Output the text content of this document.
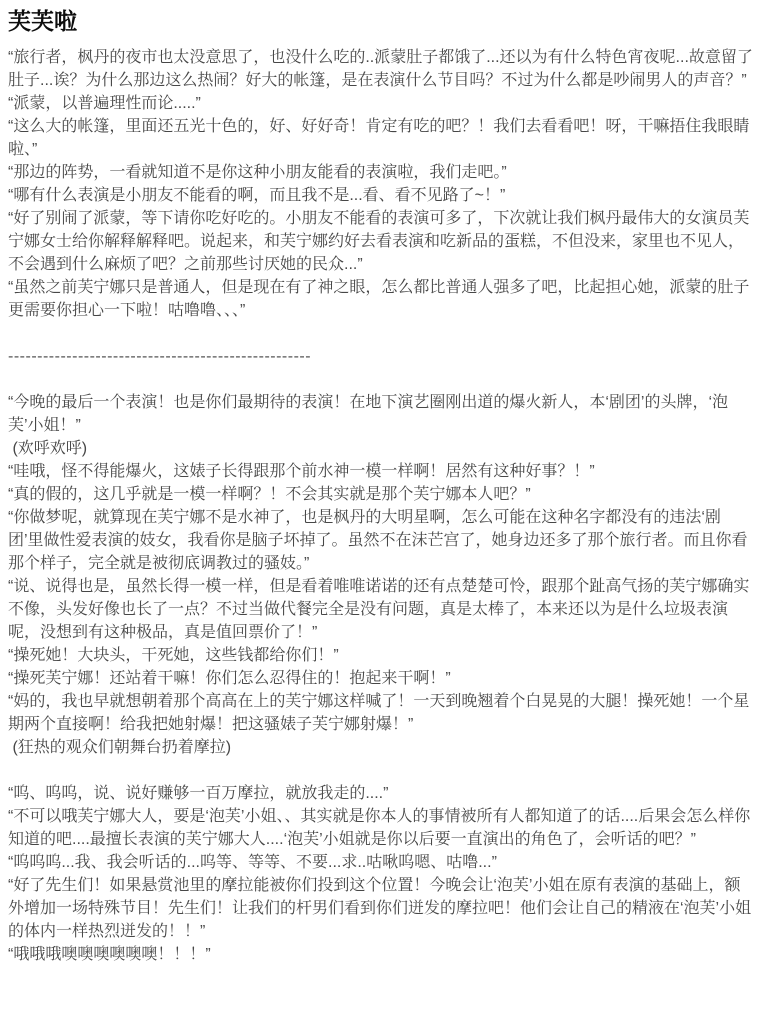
芙芙啦
“旅行者，枫丹的夜市也太没意思了，也没什么吃的..派蒙肚子都饿了...还以为有什么特色宵夜呢...故意留了肚子...诶？为什么那边这么热闹？好大的帐篷，是在表演什么节目吗？不过为什么都是吵闹男人的声音？”
“派蒙，以普遍理性而论.....”
“这么大的帐篷，里面还五光十色的，好、好好奇！肯定有吃的吧？！我们去看看吧！呀，干嘛捂住我眼睛啦、”
“那边的阵势，一看就知道不是你这种小朋友能看的表演啦，我们走吧。”
“哪有什么表演是小朋友不能看的啊，而且我不是...看、看不见路了~！”
“好了别闹了派蒙，等下请你吃好吃的。小朋友不能看的表演可多了，下次就让我们枫丹最伟大的女演员芙宁娜女士给你解释解释吧。说起来，和芙宁娜约好去看表演和吃新品的蛋糕，不但没来，家里也不见人，不会遇到什么麻烦了吧？之前那些讨厌她的民众...”
“虽然之前芙宁娜只是普通人，但是现在有了神之眼，怎么都比普通人强多了吧，比起担心她，派蒙的肚子更需要你担心一下啦！咕噜噜、、、”
----------------------------------------------------
“今晚的最后一个表演！也是你们最期待的表演！在地下演艺圈刚出道的爆火新人，本‘剧团’的头牌，‘泡芙’小姐！”
(欢呼欢呼)
“哇哦，怪不得能爆火，这婊子长得跟那个前水神一模一样啊！居然有这种好事？！”
“真的假的，这几乎就是一模一样啊？！不会其实就是那个芙宁娜本人吧？”
“你做梦呢，就算现在芙宁娜不是水神了，也是枫丹的大明星啊，怎么可能在这种名字都没有的违法‘剧团’里做性爱表演的妓女，我看你是脑子坏掉了。虽然不在沫芒宫了，她身边还多了那个旅行者。而且你看那个样子，完全就是被彻底调教过的骚妓。”
“说、说得也是，虽然长得一模一样，但是看着唯唯诺诺的还有点楚楚可怜，跟那个趾高气扬的芙宁娜确实不像，头发好像也长了一点？不过当做代餐完全是没有问题，真是太棒了，本来还以为是什么垃圾表演呢，没想到有这种极品，真是值回票价了！”
“操死她！大块头，干死她，这些钱都给你们！”
“操死芙宁娜！还站着干嘛！你们怎么忍得住的！抱起来干啊！”
“妈的，我也早就想朝着那个高高在上的芙宁娜这样喊了！一天到晚翘着个白晃晃的大腿！操死她！一个星期两个直接啊！给我把她射爆！把这骚婊子芙宁娜射爆！”
(狂热的观众们朝舞台扔着摩拉)
“呜、呜呜，说、说好赚够一百万摩拉，就放我走的....”
“不可以哦芙宁娜大人，要是‘泡芙’小姐、、其实就是你本人的事情被所有人都知道了的话....后果会怎么样你知道的吧....最擅长表演的芙宁娜大人....‘泡芙’小姐就是你以后要一直演出的角色了，会听话的吧？”
“呜呜呜...我、我会听话的...呜等、等等、不要...求..咕啾呜嗯、咕噜...”
“好了先生们！如果悬赏池里的摩拉能被你们投到这个位置！今晚会让‘泡芙’小姐在原有表演的基础上，额外增加一场特殊节目！先生们！让我们的杆男们看到你们迸发的摩拉吧！他们会让自己的精液在‘泡芙’小姐的体内一样热烈迸发的！！”
“哦哦哦噢噢噢噢噢噢！！！”
